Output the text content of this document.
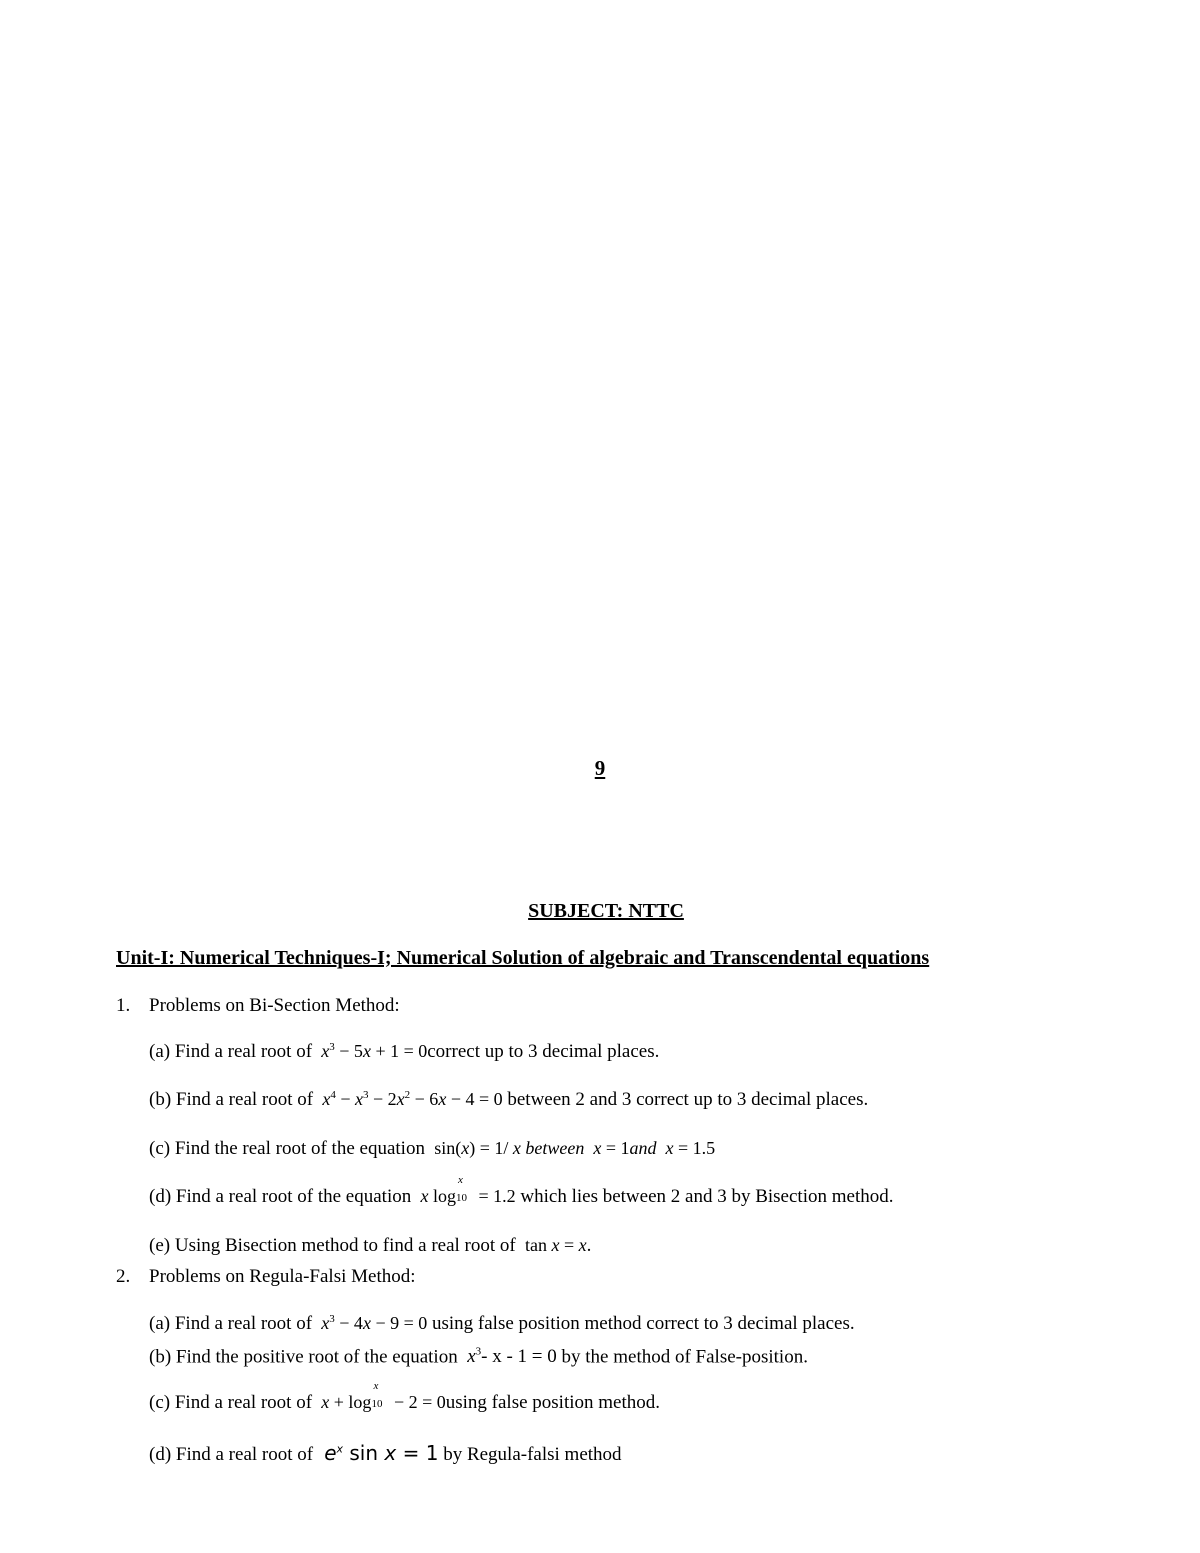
9
SUBJECT: NTTC
Unit-I: Numerical Techniques-I; Numerical Solution of algebraic and Transcendental equations
1. Problems on Bi-Section Method:
(a) Find a real root of $x^3 - 5x + 1$ = 0correct up to 3 decimal places.
(b) Find a real root of $x^4 - x^3 - 2x^2 - 6x - 4 = 0$ between 2 and 3 correct up to 3 decimal places.
(c) Find the real root of the equation  sin(x) = 1/ x between x = 1and x = 1.5
(d) Find a real root of the equation x log
x
10 = 1.2 which lies between 2 and 3 by Bisection method.
(e) Using Bisection method to find a real root of  tan x = x.
2. Problems on Regula-Falsi Method:
(a) Find a real root of $x^3 - 4x - 9 = 0$ using false position method correct to 3 decimal places.
(b) Find the positive root of the equation $x^3-$ x - 1 = 0 by the method of False-position.
(c) Find a real root of x + log
x
10 − 2 = 0using false position method.
(d) Find a real root of $e^x$ sin x = 1 by Regula-falsi method
